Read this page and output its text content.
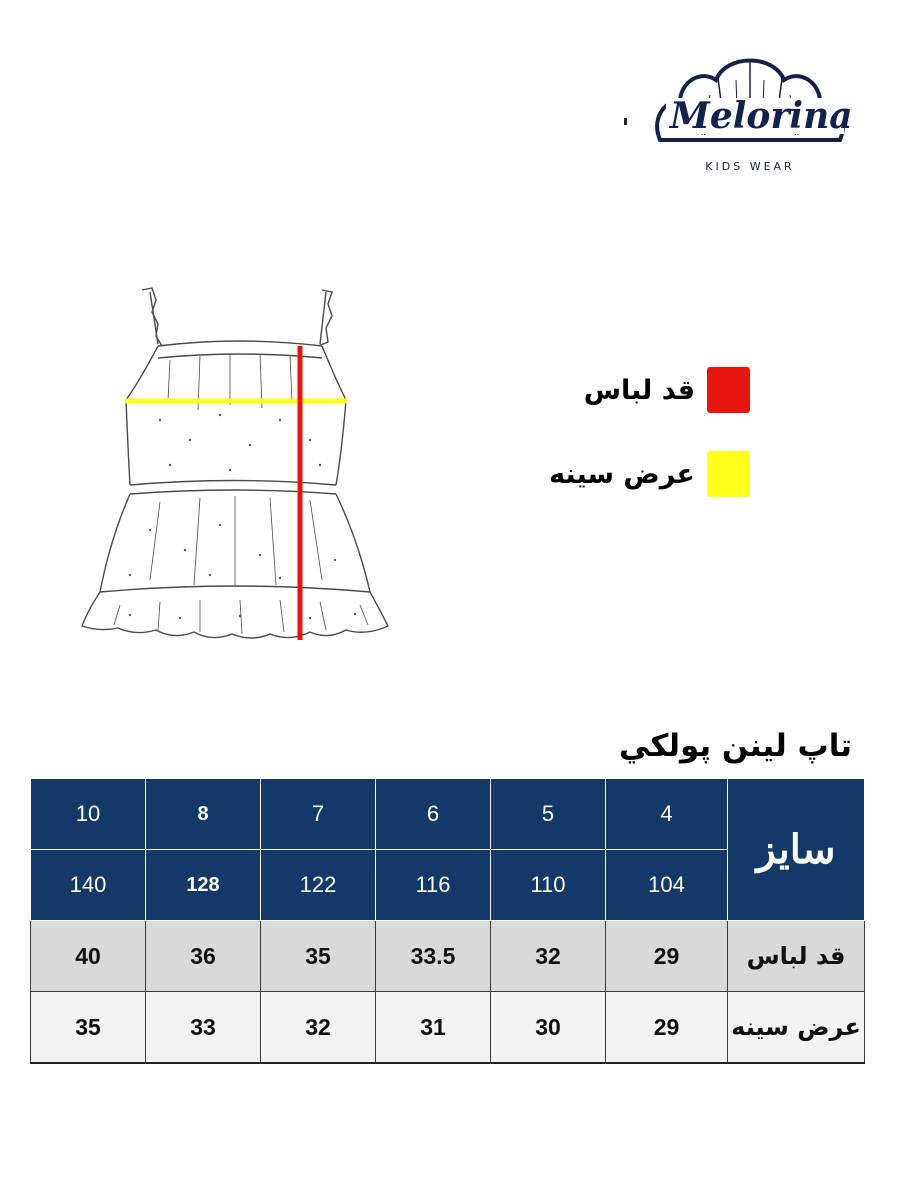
Melorina
KIDS WEAR
قد لباس
عرض سینه
تاپ لینن پولکي
10	8	7	6	5	4	سایز
140	128	122	116	110	104	
40	36	35	33.5	32	29	قد لباس
35	33	32	31	30	29	عرض سينه
